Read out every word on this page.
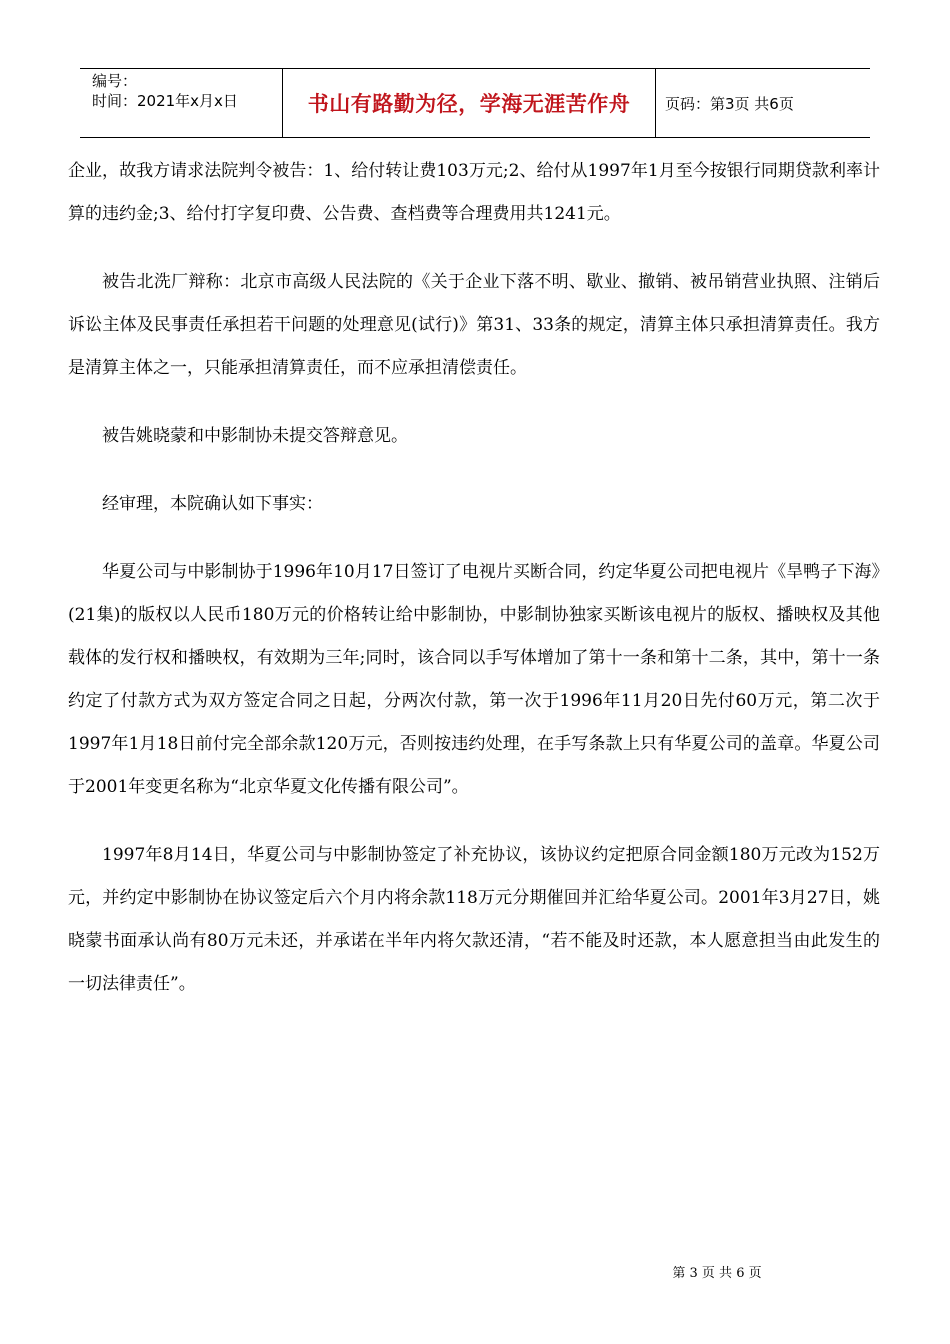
编号：
时间：2021年x月x日	书山有路勤为径，学海无涯苦作舟 页码：第3页 共6页

企业，故我方请求法院判令被告：1、给付转让费103万元;2、给付从1997年1月至今按银行同期贷款利率计算的违约金;3、给付打字复印费、公告费、查档费等合理费用共1241元。

被告北洗厂辩称：北京市高级人民法院的《关于企业下落不明、歇业、撤销、被吊销营业执照、注销后诉讼主体及民事责任承担若干问题的处理意见(试行)》第31、33条的规定，清算主体只承担清算责任。我方是清算主体之一，只能承担清算责任，而不应承担清偿责任。

被告姚晓蒙和中影制协未提交答辩意见。

经审理，本院确认如下事实：

华夏公司与中影制协于1996年10月17日签订了电视片买断合同，约定华夏公司把电视片《旱鸭子下海》(21集)的版权以人民币180万元的价格转让给中影制协，中影制协独家买断该电视片的版权、播映权及其他载体的发行权和播映权，有效期为三年;同时，该合同以手写体增加了第十一条和第十二条，其中，第十一条约定了付款方式为双方签定合同之日起，分两次付款，第一次于1996年11月20日先付60万元，第二次于1997年1月18日前付完全部余款120万元，否则按违约处理，在手写条款上只有华夏公司的盖章。华夏公司于2001年变更名称为“北京华夏文化传播有限公司”。

1997年8月14日，华夏公司与中影制协签定了补充协议，该协议约定把原合同金额180万元改为152万元，并约定中影制协在协议签定后六个月内将余款118万元分期催回并汇给华夏公司。2001年3月27日，姚晓蒙书面承认尚有80万元未还，并承诺在半年内将欠款还清，“若不能及时还款，本人愿意担当由此发生的一切法律责任”。

第 3 页 共 6 页
